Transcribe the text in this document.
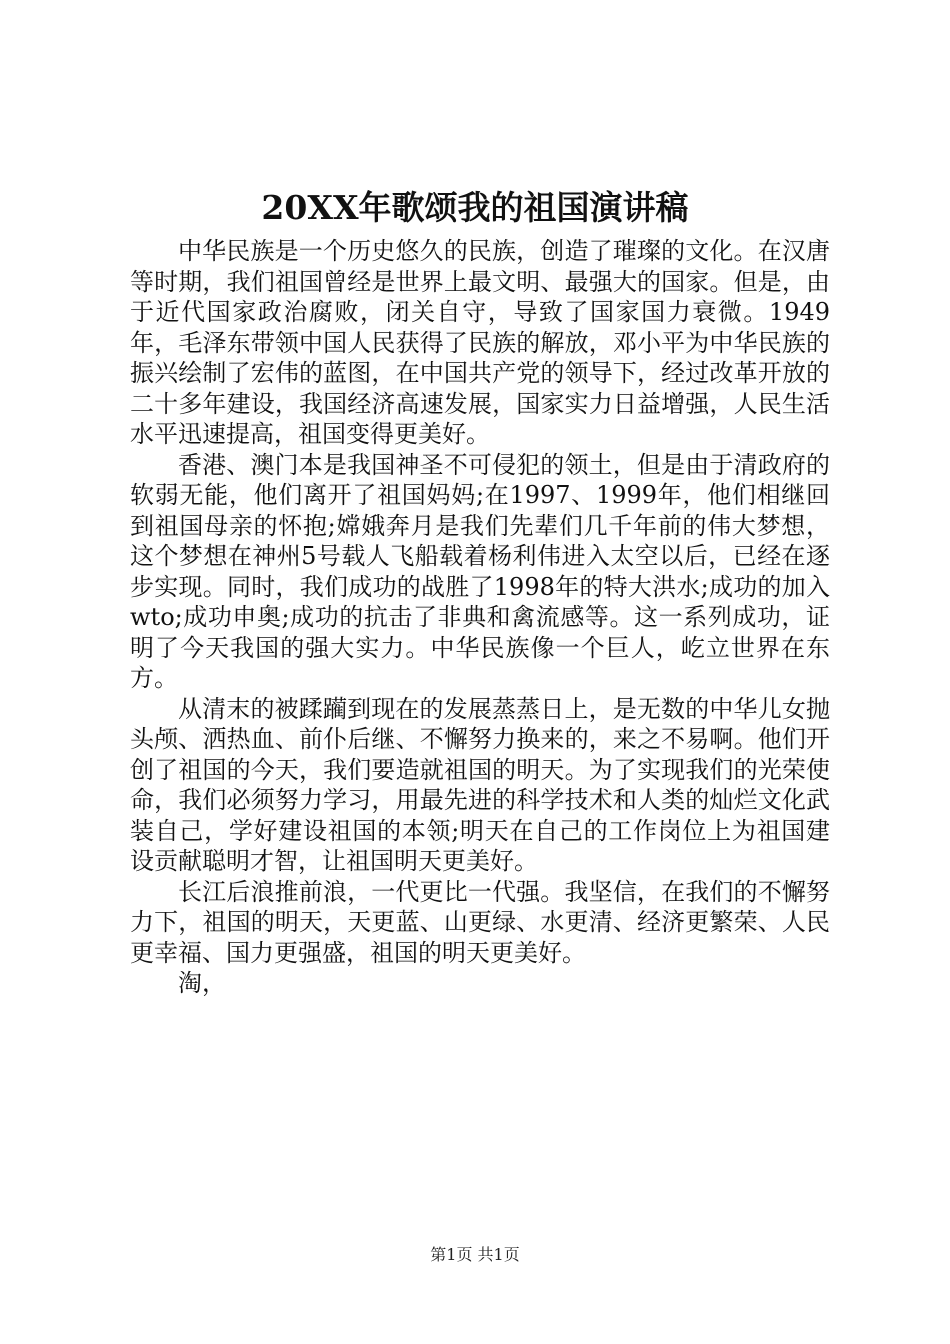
20XX年歌颂我的祖国演讲稿

中华民族是一个历史悠久的民族，创造了璀璨的文化。在汉唐等时期，我们祖国曾经是世界上最文明、最强大的国家。但是，由于近代国家政治腐败，闭关自守，导致了国家国力衰微。1949年，毛泽东带领中国人民获得了民族的解放，邓小平为中华民族的振兴绘制了宏伟的蓝图，在中国共产党的领导下，经过改革开放的二十多年建设，我国经济高速发展，国家实力日益增强，人民生活水平迅速提高，祖国变得更美好。

香港、澳门本是我国神圣不可侵犯的领土，但是由于清政府的软弱无能，他们离开了祖国妈妈;在1997、1999年，他们相继回到祖国母亲的怀抱;嫦娥奔月是我们先辈们几千年前的伟大梦想，这个梦想在神州5号载人飞船载着杨利伟进入太空以后，已经在逐步实现。同时，我们成功的战胜了1998年的特大洪水;成功的加入wto;成功申奥;成功的抗击了非典和禽流感等。这一系列成功，证明了今天我国的强大实力。中华民族像一个巨人，屹立世界在东方。

从清末的被蹂躏到现在的发展蒸蒸日上，是无数的中华儿女抛头颅、洒热血、前仆后继、不懈努力换来的，来之不易啊。他们开创了祖国的今天，我们要造就祖国的明天。为了实现我们的光荣使命，我们必须努力学习，用最先进的科学技术和人类的灿烂文化武装自己，学好建设祖国的本领;明天在自己的工作岗位上为祖国建设贡献聪明才智，让祖国明天更美好。

长江后浪推前浪，一代更比一代强。我坚信，在我们的不懈努力下，祖国的明天，天更蓝、山更绿、水更清、经济更繁荣、人民更幸福、国力更强盛，祖国的明天更美好。

淘，

第1页 共1页
